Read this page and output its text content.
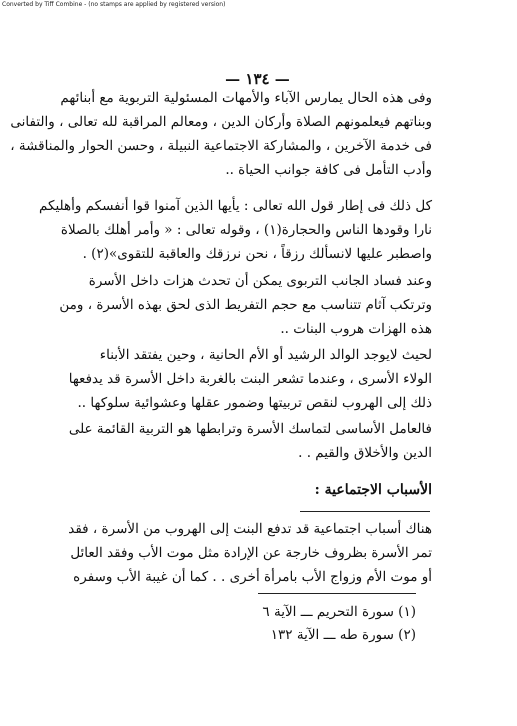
Converted by Tiff Combine - (no stamps are applied by registered version)
— ١٣٤ —

وفى هذه الحال يمارس الآباء والأمهات المسئولية التربوية مع أبنائهم
وبناتهم فيعلمونهم الصلاة وأركان الدين ، ومعالم المراقبة لله تعالى ، والتفانى
فى خدمة الآخرين ، والمشاركة الاجتماعية النبيلة ، وحسن الحوار والمناقشة ،
وأدب التأمل فى كافة جوانب الحياة ..

كل ذلك فى إطار قول الله تعالى : يأيها الذين آمنوا قوا أنفسكم وأهليكم
نارا وقودها الناس والحجارة(١) ، وقوله تعالى : « وأمر أهلك بالصلاة
واصطبر عليها لانسألك رزقاً ، نحن نرزقك والعاقبة للتقوى»(٢) .

وعند فساد الجانب التربوى يمكن أن تحدث هزات داخل الأسرة
وترتكب آثام تتناسب مع حجم التفريط الذى لحق بهذه الأسرة ، ومن
هذه الهزات هروب البنات ..

لحيث لايوجد الوالد الرشيد أو الأم الحانية ، وحين يفتقد الأبناء
الولاء الأسرى ، وعندما تشعر البنت بالغربة داخل الأسرة قد يدفعها
ذلك إلى الهروب لنقص تربيتها وضمور عقلها وعشوائية سلوكها ..

فالعامل الأساسى لتماسك الأسرة وترابطها هو التربية القائمة على
الدين والأخلاق والقيم . .

الأسباب الاجتماعية :

هناك أسباب اجتماعية قد تدفع البنت إلى الهروب من الأسرة ، فقد
تمر الأسرة بظروف خارجة عن الإرادة مثل موت الأب وفقد العائل
أو موت الأم وزواج الأب بامرأة أخرى . . كما أن غيبة الأب وسفره

(١) سورة التحريم ـــ الآية ٦
(٢) سورة طه ـــ الآية ١٣٢
